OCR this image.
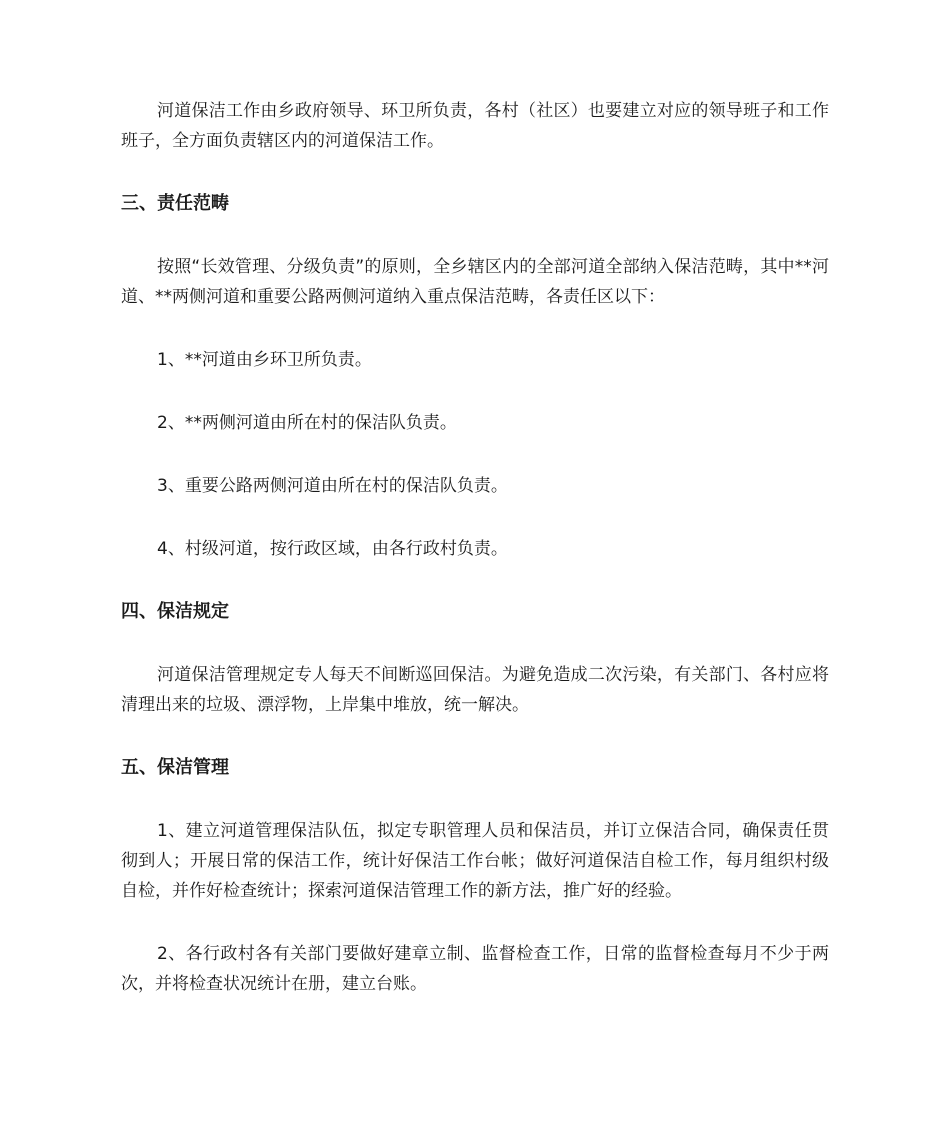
河道保洁工作由乡政府领导、环卫所负责，各村（社区）也要建立对应的领导班子和工作班子，全方面负责辖区内的河道保洁工作。

三、责任范畴

按照“长效管理、分级负责”的原则，全乡辖区内的全部河道全部纳入保洁范畴，其中**河道、**两侧河道和重要公路两侧河道纳入重点保洁范畴，各责任区以下：

1、**河道由乡环卫所负责。

2、**两侧河道由所在村的保洁队负责。

3、重要公路两侧河道由所在村的保洁队负责。

4、村级河道，按行政区域，由各行政村负责。

四、保洁规定

河道保洁管理规定专人每天不间断巡回保洁。为避免造成二次污染，有关部门、各村应将清理出来的垃圾、漂浮物，上岸集中堆放，统一解决。

五、保洁管理

1、建立河道管理保洁队伍，拟定专职管理人员和保洁员，并订立保洁合同，确保责任贯彻到人；开展日常的保洁工作，统计好保洁工作台帐；做好河道保洁自检工作，每月组织村级自检，并作好检查统计；探索河道保洁管理工作的新方法，推广好的经验。

2、各行政村各有关部门要做好建章立制、监督检查工作，日常的监督检查每月不少于两次，并将检查状况统计在册，建立台账。
